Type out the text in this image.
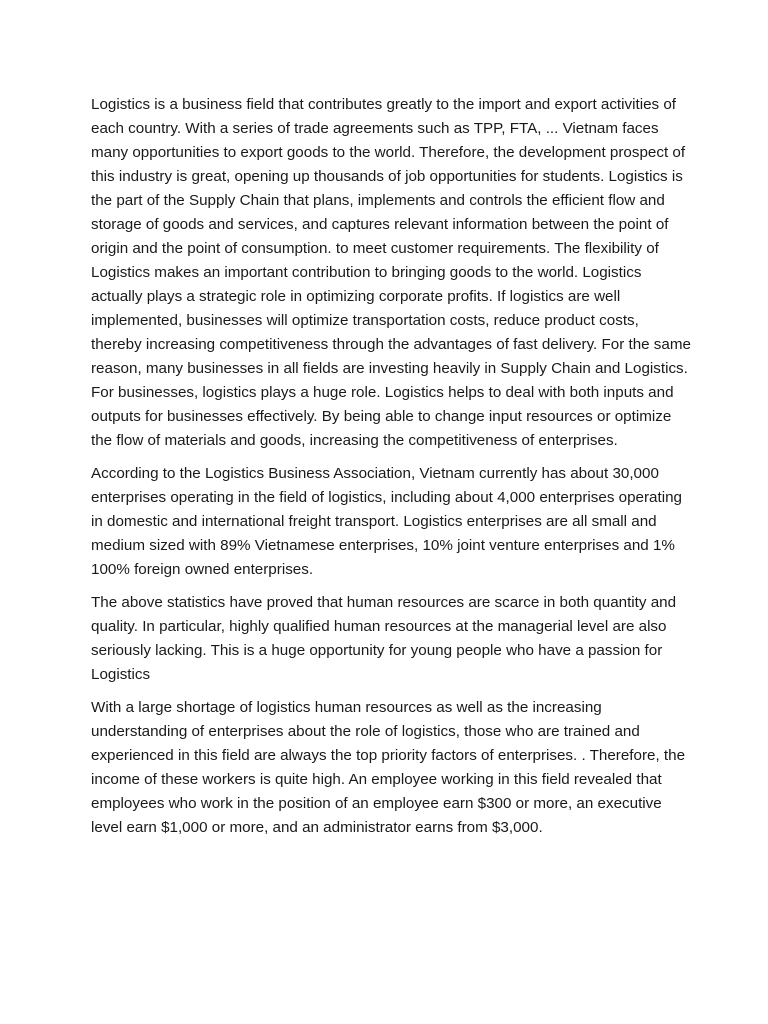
Logistics is a business field that contributes greatly to the import and export activities of each country. With a series of trade agreements such as TPP, FTA, ... Vietnam faces many opportunities to export goods to the world. Therefore, the development prospect of this industry is great, opening up thousands of job opportunities for students. Logistics is the part of the Supply Chain that plans, implements and controls the efficient flow and storage of goods and services, and captures relevant information between the point of origin and the point of consumption. to meet customer requirements. The flexibility of Logistics makes an important contribution to bringing goods to the world. Logistics actually plays a strategic role in optimizing corporate profits. If logistics are well implemented, businesses will optimize transportation costs, reduce product costs, thereby increasing competitiveness through the advantages of fast delivery. For the same reason, many businesses in all fields are investing heavily in Supply Chain and Logistics. For businesses, logistics plays a huge role. Logistics helps to deal with both inputs and outputs for businesses effectively. By being able to change input resources or optimize the flow of materials and goods, increasing the competitiveness of enterprises.

According to the Logistics Business Association, Vietnam currently has about 30,000 enterprises operating in the field of logistics, including about 4,000 enterprises operating in domestic and international freight transport. Logistics enterprises are all small and medium sized with 89% Vietnamese enterprises, 10% joint venture enterprises and 1% 100% foreign owned enterprises.

The above statistics have proved that human resources are scarce in both quantity and quality. In particular, highly qualified human resources at the managerial level are also seriously lacking. This is a huge opportunity for young people who have a passion for Logistics

With a large shortage of logistics human resources as well as the increasing understanding of enterprises about the role of logistics, those who are trained and experienced in this field are always the top priority factors of enterprises. . Therefore, the income of these workers is quite high. An employee working in this field revealed that employees who work in the position of an employee earn $300 or more, an executive level earn $1,000 or more, and an administrator earns from $3,000.
